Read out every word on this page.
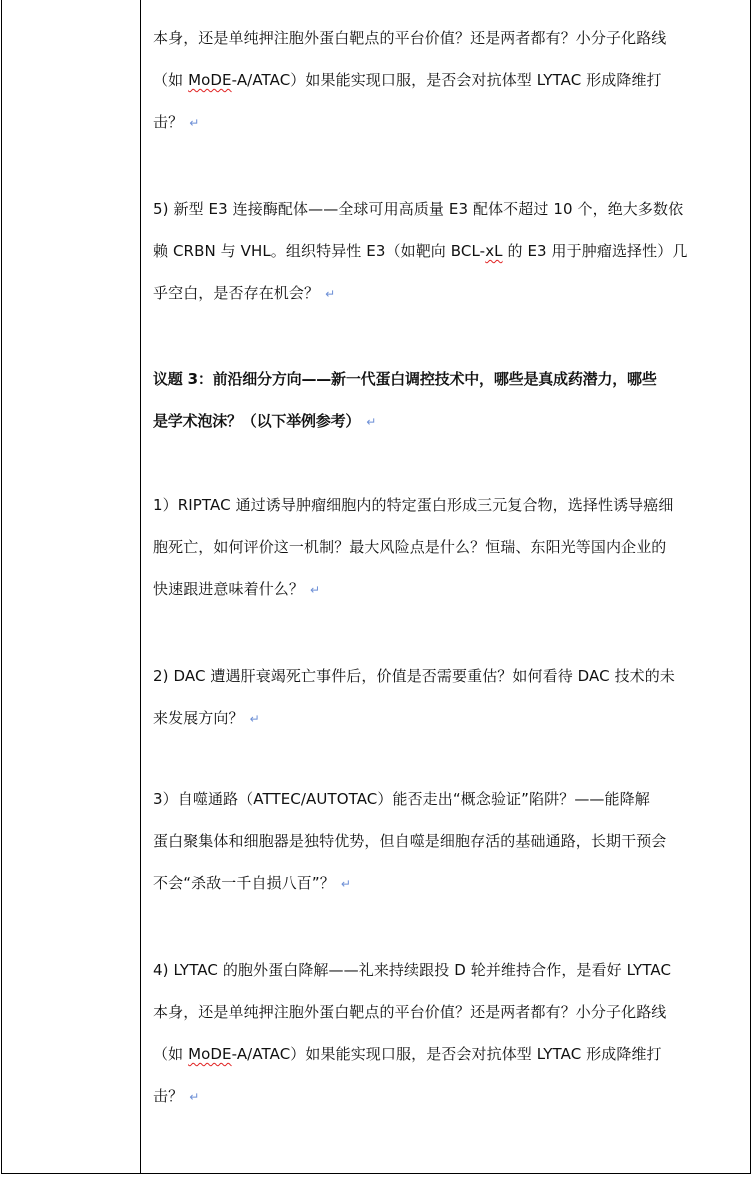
本身，还是单纯押注胞外蛋白靶点的平台价值？还是两者都有？小分子化路线
（如 MoDE-A/ATAC）如果能实现口服，是否会对抗体型 LYTAC 形成降维打
击？ ↵

5) 新型 E3 连接酶配体——全球可用高质量 E3 配体不超过 10 个，绝大多数依
赖 CRBN 与 VHL。组织特异性 E3（如靶向 BCL-xL 的 E3 用于肿瘤选择性）几
乎空白，是否存在机会？ ↵

议题 3：前沿细分方向——新一代蛋白调控技术中，哪些是真成药潜力，哪些
是学术泡沫？（以下举例参考） ↵

1）RIPTAC 通过诱导肿瘤细胞内的特定蛋白形成三元复合物，选择性诱导癌细
胞死亡，如何评价这一机制？最大风险点是什么？恒瑞、东阳光等国内企业的
快速跟进意味着什么？ ↵

2) DAC 遭遇肝衰竭死亡事件后，价值是否需要重估？如何看待 DAC 技术的未
来发展方向？ ↵

3）自噬通路（ATTEC/AUTOTAC）能否走出“概念验证”陷阱？——能降解
蛋白聚集体和细胞器是独特优势，但自噬是细胞存活的基础通路，长期干预会
不会“杀敌一千自损八百”？ ↵

4) LYTAC 的胞外蛋白降解——礼来持续跟投 D 轮并维持合作，是看好 LYTAC
本身，还是单纯押注胞外蛋白靶点的平台价值？还是两者都有？小分子化路线
（如 MoDE-A/ATAC）如果能实现口服，是否会对抗体型 LYTAC 形成降维打
击？ ↵
